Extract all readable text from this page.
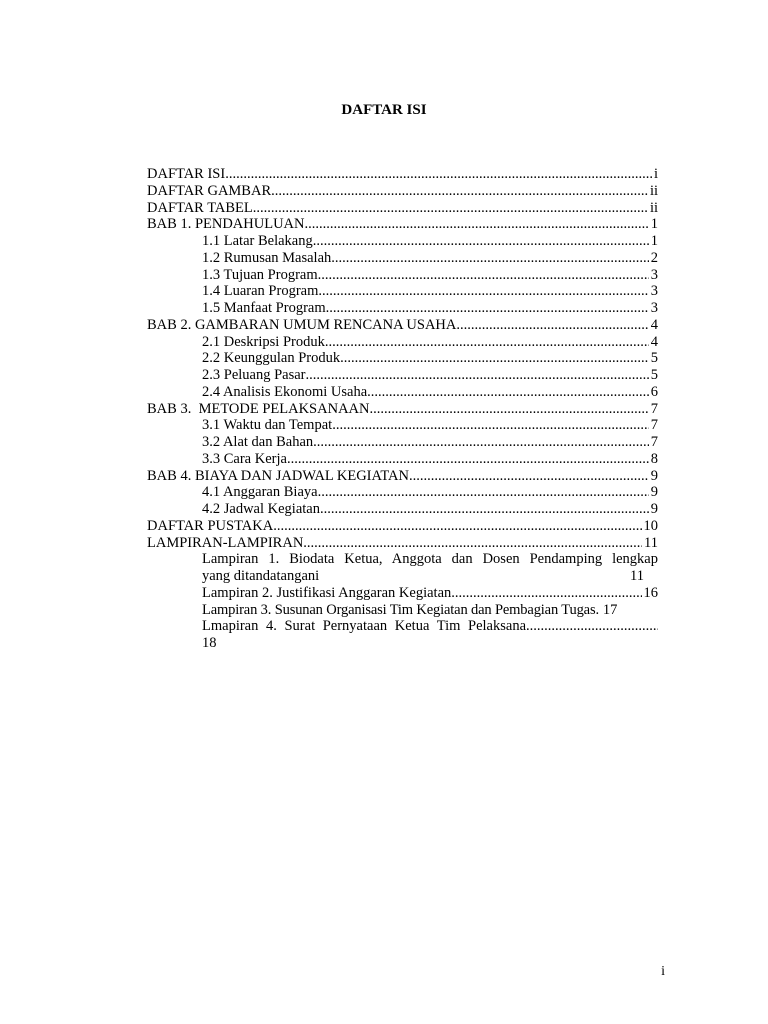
DAFTAR ISI
DAFTAR ISI .....	i
DAFTAR GAMBAR .....	ii
DAFTAR TABEL .....	ii
BAB 1. PENDAHULUAN .....	1
1.1 Latar Belakang .....	1
1.2 Rumusan Masalah .....	2
1.3 Tujuan Program .....	3
1.4 Luaran Program .....	3
1.5 Manfaat Program .....	3
BAB 2. GAMBARAN UMUM RENCANA USAHA .....	4
2.1 Deskripsi Produk .....	4
2.2 Keunggulan Produk .....	5
2.3 Peluang Pasar .....	5
2.4 Analisis Ekonomi Usaha .....	6
BAB 3.  METODE PELAKSANAAN .....	7
3.1 Waktu dan Tempat .....	7
3.2 Alat dan Bahan .....	7
3.3 Cara Kerja .....	8
BAB 4. BIAYA DAN JADWAL KEGIATAN .....	9
4.1 Anggaran Biaya .....	9
4.2 Jadwal Kegiatan .....	9
DAFTAR PUSTAKA .....	10
LAMPIRAN-LAMPIRAN .....	11
Lampiran 1. Biodata Ketua, Anggota dan Dosen Pendamping lengkap
yang ditandatangani	11
Lampiran 2. Justifikasi Anggaran Kegiatan .....	16
Lampiran 3. Susunan Organisasi Tim Kegiatan dan Pembagian Tugas. 17
Lmapiran 4. Surat Pernyataan Ketua Tim Pelaksana
.....
18
i
